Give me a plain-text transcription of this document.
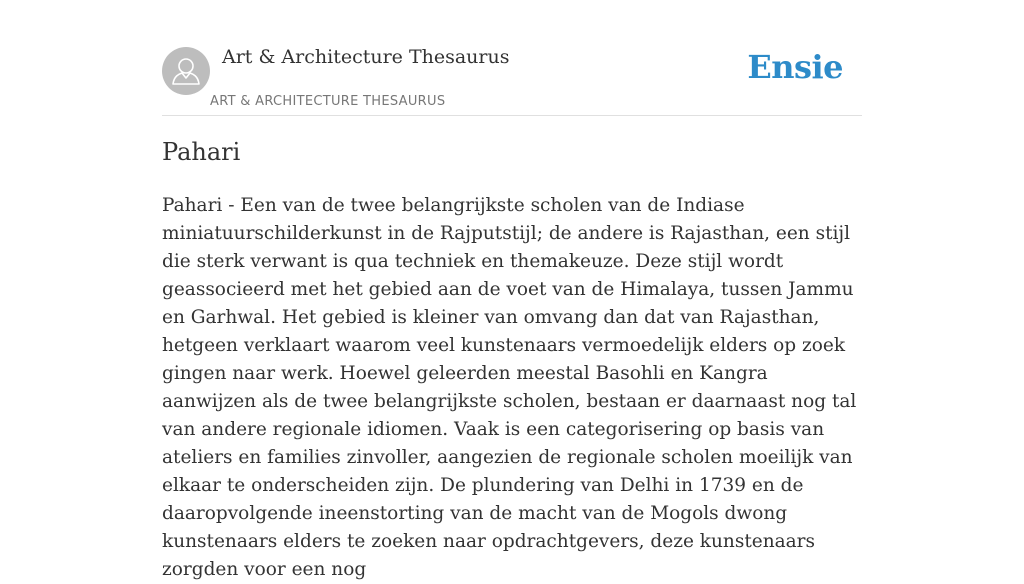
Art & Architecture Thesaurus
ART & ARCHITECTURE THESAURUS
Ensie
Pahari

Pahari - Een van de twee belangrijkste scholen van de Indiase miniatuurschilderkunst in de Rajputstijl; de andere is Rajasthan, een stijl die sterk verwant is qua techniek en themakeuze. Deze stijl wordt geassocieerd met het gebied aan de voet van de Himalaya, tussen Jammu en Garhwal. Het gebied is kleiner van omvang dan dat van Rajasthan, hetgeen verklaart waarom veel kunstenaars vermoedelijk elders op zoek gingen naar werk. Hoewel geleerden meestal Basohli en Kangra aanwijzen als de twee belangrijkste scholen, bestaan er daarnaast nog tal van andere regionale idiomen. Vaak is een categorisering op basis van ateliers en families zinvoller, aangezien de regionale scholen moeilijk van elkaar te onderscheiden zijn. De plundering van Delhi in 1739 en de daaropvolgende ineenstorting van de macht van de Mogols dwong kunstenaars elders te zoeken naar opdrachtgevers, deze kunstenaars zorgden voor een nog
